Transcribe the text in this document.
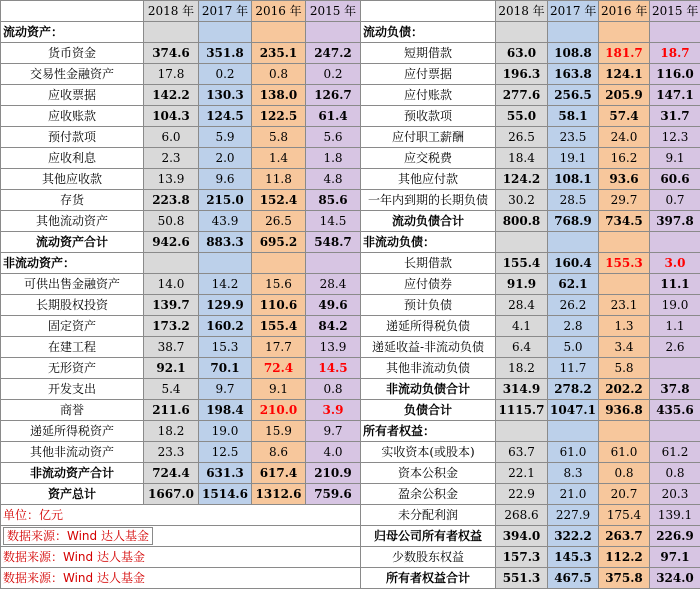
	2018 年	2017 年	2016 年	2015 年		2018 年	2017 年	2016 年	2015 年
流动资产：					流动负债：				
货币资金	374.6	351.8	235.1	247.2	短期借款	63.0	108.8	181.7	18.7
交易性金融资产	17.8	0.2	0.8	0.2	应付票据	196.3	163.8	124.1	116.0
应收票据	142.2	130.3	138.0	126.7	应付账款	277.6	256.5	205.9	147.1
应收账款	104.3	124.5	122.5	61.4	预收款项	55.0	58.1	57.4	31.7
预付款项	6.0	5.9	5.8	5.6	应付职工薪酬	26.5	23.5	24.0	12.3
应收利息	2.3	2.0	1.4	1.8	应交税费	18.4	19.1	16.2	9.1
其他应收款	13.9	9.6	11.8	4.8	其他应付款	124.2	108.1	93.6	60.6
存货	223.8	215.0	152.4	85.6	一年内到期的长期负债	30.2	28.5	29.7	0.7
其他流动资产	50.8	43.9	26.5	14.5	流动负债合计	800.8	768.9	734.5	397.8
流动资产合计	942.6	883.3	695.2	548.7	非流动负债：				
非流动资产：					长期借款	155.4	160.4	155.3	3.0
可供出售金融资产	14.0	14.2	15.6	28.4	应付债券	91.9	62.1		11.1
长期股权投资	139.7	129.9	110.6	49.6	预计负债	28.4	26.2	23.1	19.0
固定资产	173.2	160.2	155.4	84.2	递延所得税负债	4.1	2.8	1.3	1.1
在建工程	38.7	15.3	17.7	13.9	递延收益-非流动负债	6.4	5.0	3.4	2.6
无形资产	92.1	70.1	72.4	14.5	其他非流动负债	18.2	11.7	5.8	
开发支出	5.4	9.7	9.1	0.8	非流动负债合计	314.9	278.2	202.2	37.8
商誉	211.6	198.4	210.0	3.9	负债合计	1115.7	1047.1	936.8	435.6
递延所得税资产	18.2	19.0	15.9	9.7	所有者权益：				
其他非流动资产	23.3	12.5	8.6	4.0	实收资本(或股本)	63.7	61.0	61.0	61.2
非流动资产合计	724.4	631.3	617.4	210.9	资本公积金	22.1	8.3	0.8	0.8
资产总计	1667.0	1514.6	1312.6	759.6	盈余公积金	22.9	21.0	20.7	20.3
单位：亿元					未分配利润	268.6	227.9	175.4	139.1
数据来源：Wind 达人基金					归母公司所有者权益	394.0	322.2	263.7	226.9
数据来源：Wind 达人基金					少数股东权益	157.3	145.3	112.2	97.1
数据来源：Wind 达人基金					所有者权益合计	551.3	467.5	375.8	324.0
